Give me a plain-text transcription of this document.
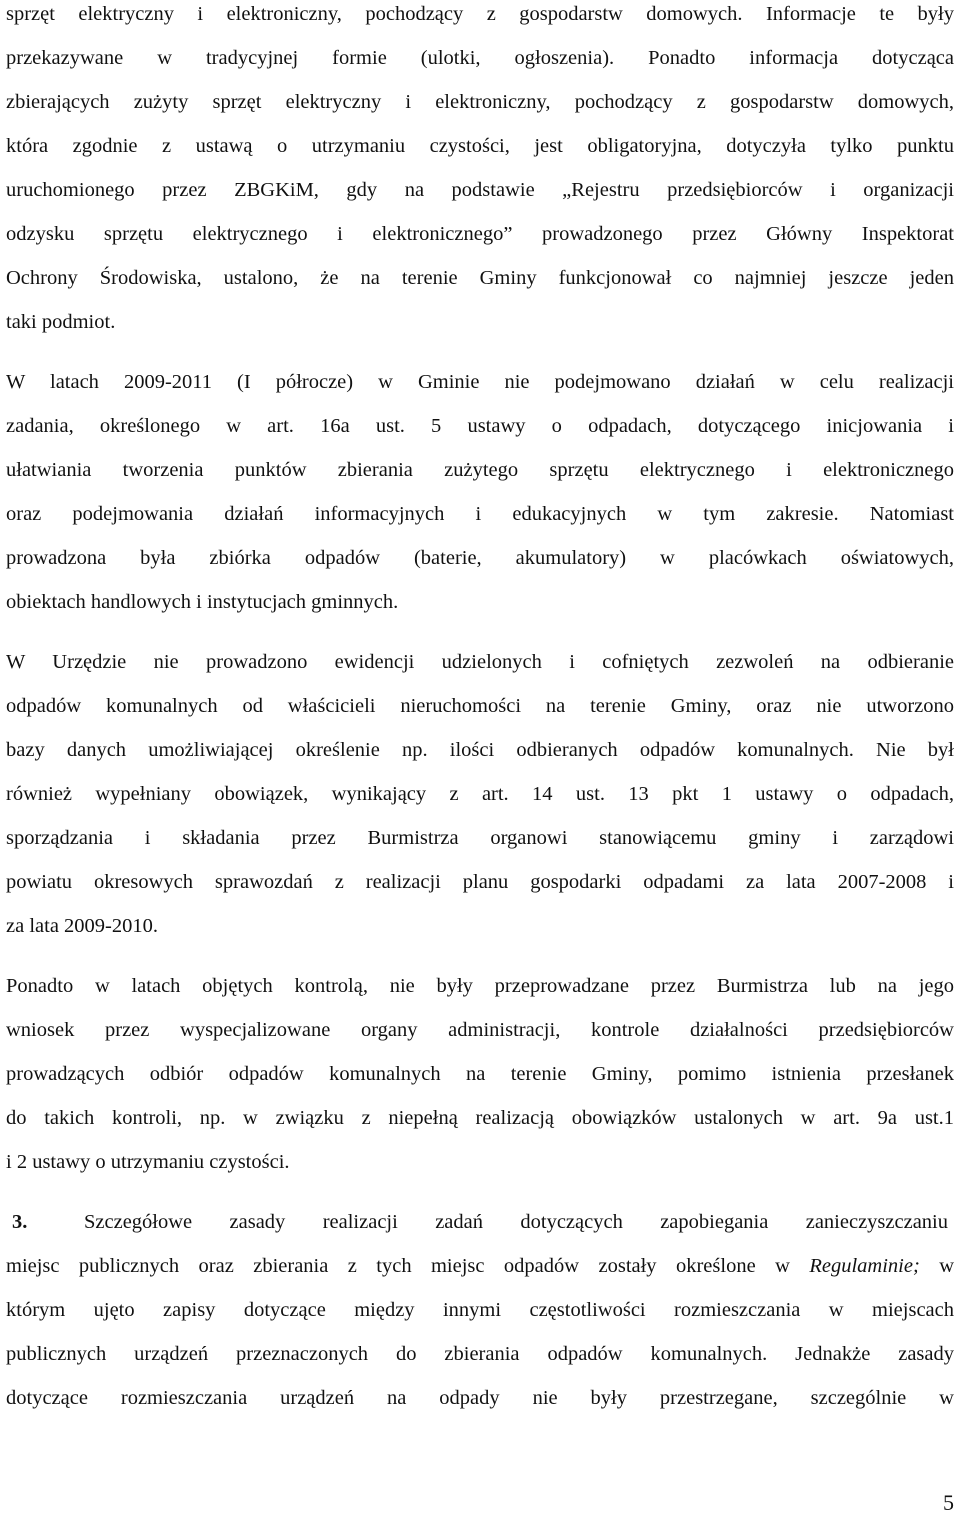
sprzęt elektryczny i elektroniczny, pochodzący z gospodarstw domowych. Informacje te były
przekazywane w tradycyjnej formie (ulotki, ogłoszenia). Ponadto informacja dotycząca
zbierających zużyty sprzęt elektryczny i elektroniczny, pochodzący z gospodarstw domowych,
która zgodnie z ustawą o utrzymaniu czystości, jest obligatoryjna, dotyczyła tylko punktu
uruchomionego przez ZBGKiM, gdy na podstawie „Rejestru przedsiębiorców i organizacji
odzysku sprzętu elektrycznego i elektronicznego” prowadzonego przez Główny Inspektorat
Ochrony Środowiska, ustalono, że na terenie Gminy funkcjonował co najmniej jeszcze jeden
taki podmiot.
W latach 2009-2011 (I półrocze) w Gminie nie podejmowano działań w celu realizacji
zadania, określonego w art. 16a ust. 5 ustawy o odpadach, dotyczącego inicjowania i
ułatwiania tworzenia punktów zbierania zużytego sprzętu elektrycznego i elektronicznego
oraz podejmowania działań informacyjnych i edukacyjnych w tym zakresie. Natomiast
prowadzona była zbiórka odpadów (baterie, akumulatory) w placówkach oświatowych,
obiektach handlowych i instytucjach gminnych.
W Urzędzie nie prowadzono ewidencji udzielonych i cofniętych zezwoleń na odbieranie
odpadów komunalnych od właścicieli nieruchomości na terenie Gminy, oraz nie utworzono
bazy danych umożliwiającej określenie np. ilości odbieranych odpadów komunalnych. Nie był
również wypełniany obowiązek, wynikający z art. 14 ust. 13 pkt 1 ustawy o odpadach,
sporządzania i składania przez Burmistrza organowi stanowiącemu gminy i zarządowi
powiatu okresowych sprawozdań z realizacji planu gospodarki odpadami za lata 2007-2008 i
za lata 2009-2010.
Ponadto w latach objętych kontrolą, nie były przeprowadzane przez Burmistrza lub na jego
wniosek przez wyspecjalizowane organy administracji, kontrole działalności przedsiębiorców
prowadzących odbiór odpadów komunalnych na terenie Gminy, pomimo istnienia przesłanek
do takich kontroli, np. w związku z niepełną realizacją obowiązków ustalonych w art. 9a ust.1
i 2 ustawy o utrzymaniu czystości.
3.	Szczegółowe zasady realizacji zadań dotyczących zapobiegania zanieczyszczaniu
miejsc publicznych oraz zbierania z tych miejsc odpadów zostały określone w Regulaminie; w
którym ujęto zapisy dotyczące między innymi częstotliwości rozmieszczania w miejscach
publicznych urządzeń przeznaczonych do zbierania odpadów komunalnych. Jednakże zasady
dotyczące rozmieszczania urządzeń na odpady nie były przestrzegane, szczególnie w
5
